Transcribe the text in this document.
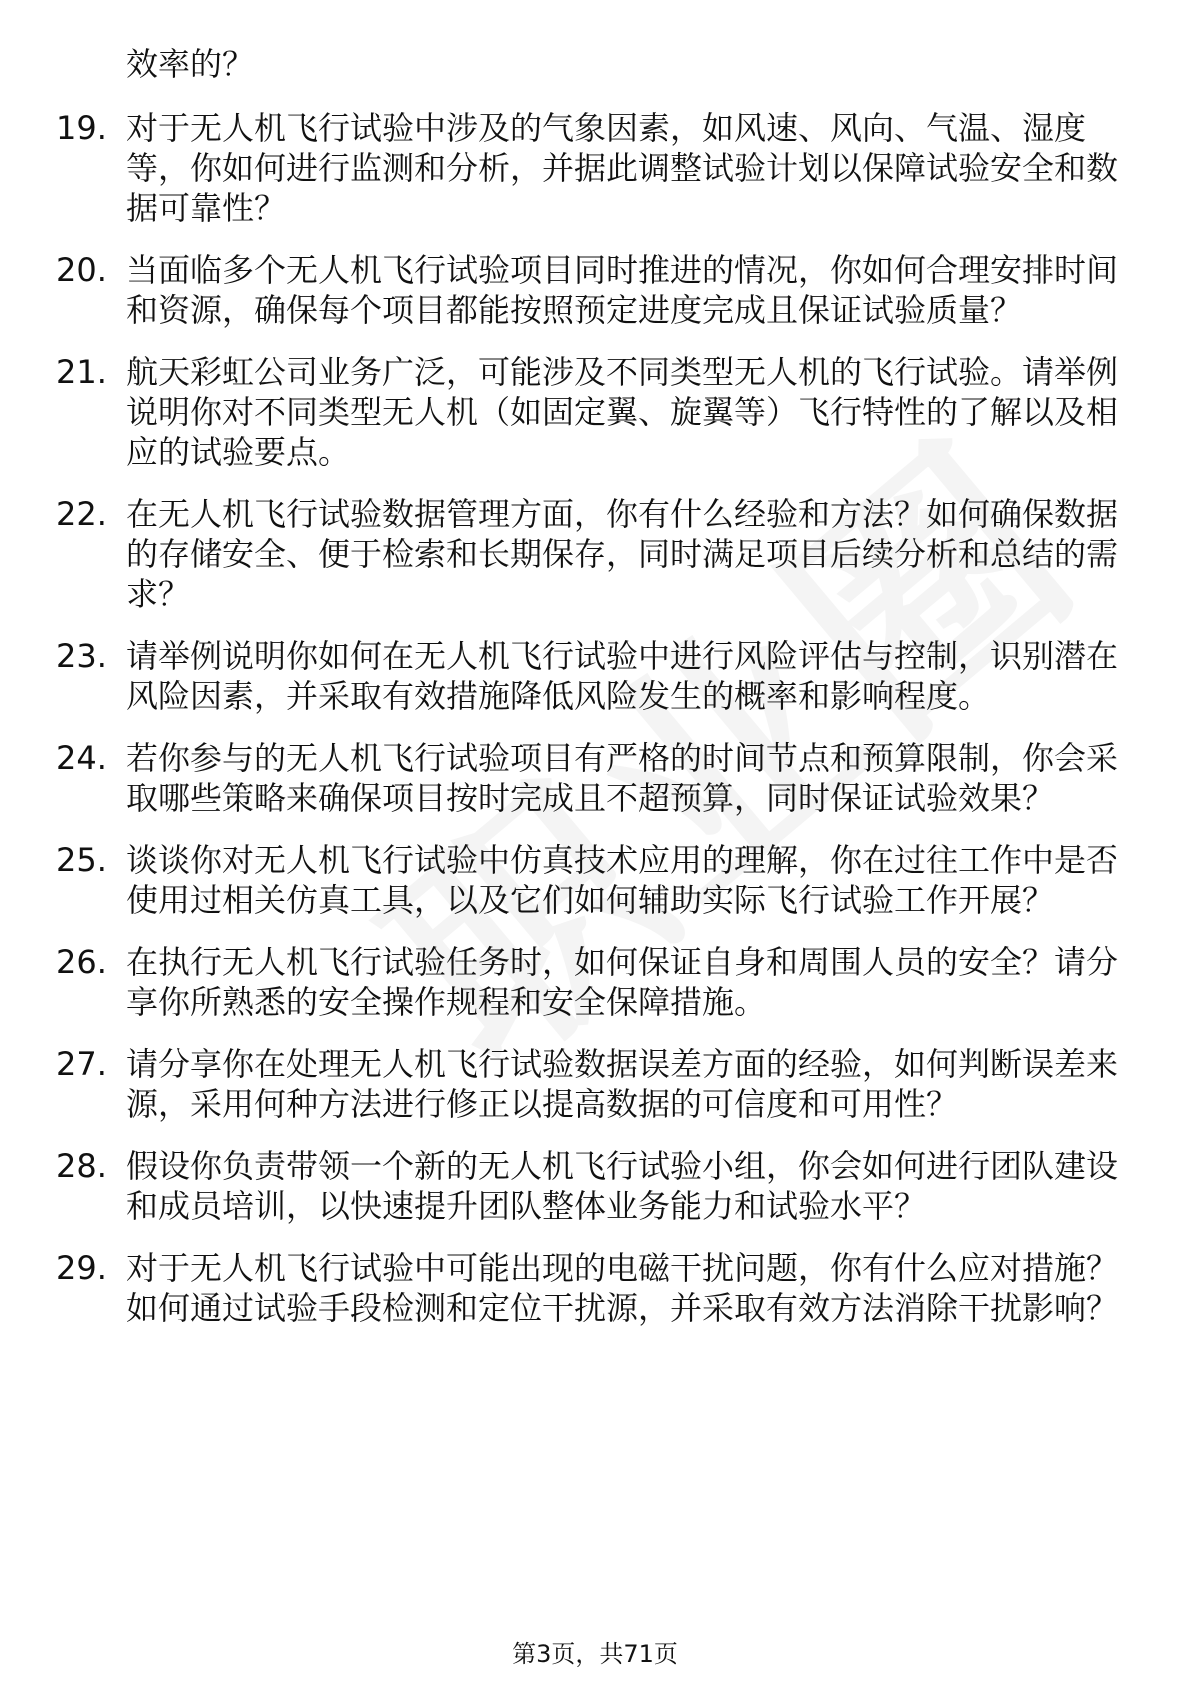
效率的？
19. 对于无人机飞行试验中涉及的气象因素，如风速、风向、气温、湿度等，你如何进行监测和分析，并据此调整试验计划以保障试验安全和数据可靠性？
20. 当面临多个无人机飞行试验项目同时推进的情况，你如何合理安排时间和资源，确保每个项目都能按照预定进度完成且保证试验质量？
21. 航天彩虹公司业务广泛，可能涉及不同类型无人机的飞行试验。请举例说明你对不同类型无人机（如固定翼、旋翼等）飞行特性的了解以及相应的试验要点。
22. 在无人机飞行试验数据管理方面，你有什么经验和方法？如何确保数据的存储安全、便于检索和长期保存，同时满足项目后续分析和总结的需求？
23. 请举例说明你如何在无人机飞行试验中进行风险评估与控制，识别潜在风险因素，并采取有效措施降低风险发生的概率和影响程度。
24. 若你参与的无人机飞行试验项目有严格的时间节点和预算限制，你会采取哪些策略来确保项目按时完成且不超预算，同时保证试验效果？
25. 谈谈你对无人机飞行试验中仿真技术应用的理解，你在过往工作中是否使用过相关仿真工具，以及它们如何辅助实际飞行试验工作开展？
26. 在执行无人机飞行试验任务时，如何保证自身和周围人员的安全？请分享你所熟悉的安全操作规程和安全保障措施。
27. 请分享你在处理无人机飞行试验数据误差方面的经验，如何判断误差来源，采用何种方法进行修正以提高数据的可信度和可用性？
28. 假设你负责带领一个新的无人机飞行试验小组，你会如何进行团队建设和成员培训，以快速提升团队整体业务能力和试验水平？
29. 对于无人机飞行试验中可能出现的电磁干扰问题，你有什么应对措施？如何通过试验手段检测和定位干扰源，并采取有效方法消除干扰影响？
第3页，共71页
